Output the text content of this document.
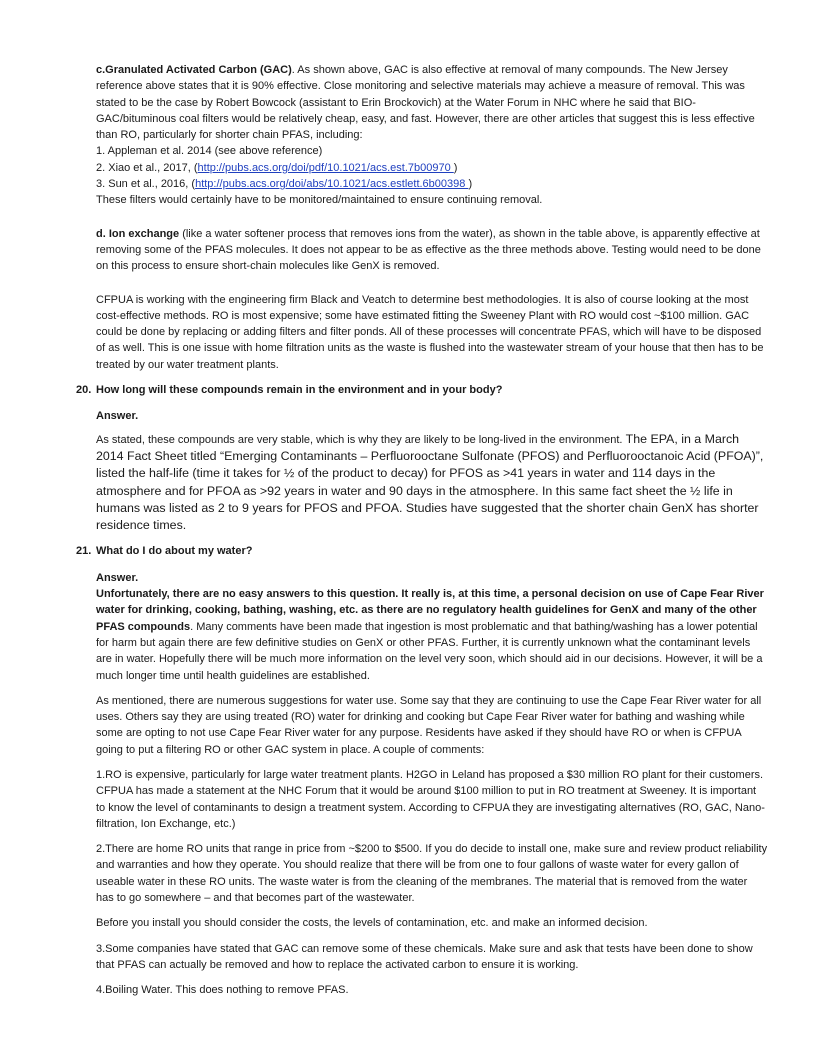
c.Granulated Activated Carbon (GAC). As shown above, GAC is also effective at removal of many compounds. The New Jersey reference above states that it is 90% effective. Close monitoring and selective materials may achieve a measure of removal. This was stated to be the case by Robert Bowcock (assistant to Erin Brockovich) at the Water Forum in NHC where he said that BIO-GAC/bituminous coal filters would be relatively cheap, easy, and fast. However, there are other articles that suggest this is less effective than RO, particularly for shorter chain PFAS, including:

1. Appleman et al. 2014 (see above reference)

2. Xiao et al., 2017, (http://pubs.acs.org/doi/pdf/10.1021/acs.est.7b00970 )

3. Sun et al., 2016, (http://pubs.acs.org/doi/abs/10.1021/acs.estlett.6b00398 )

These filters would certainly have to be monitored/maintained to ensure continuing removal.

d. Ion exchange (like a water softener process that removes ions from the water), as shown in the table above, is apparently effective at removing some of the PFAS molecules. It does not appear to be as effective as the three methods above. Testing would need to be done on this process to ensure short-chain molecules like GenX is removed.

CFPUA is working with the engineering firm Black and Veatch to determine best methodologies. It is also of course looking at the most cost-effective methods. RO is most expensive; some have estimated fitting the Sweeney Plant with RO would cost ~$100 million. GAC could be done by replacing or adding filters and filter ponds. All of these processes will concentrate PFAS, which will have to be disposed of as well. This is one issue with home filtration units as the waste is flushed into the wastewater stream of your house that then has to be treated by our water treatment plants.

20. How long will these compounds remain in the environment and in your body?

Answer.

As stated, these compounds are very stable, which is why they are likely to be long-lived in the environment. The EPA, in a March 2014 Fact Sheet titled “Emerging Contaminants – Perfluorooctane Sulfonate (PFOS) and Perfluorooctanoic Acid (PFOA)”, listed the half-life (time it takes for ½ of the product to decay) for PFOS as >41 years in water and 114 days in the atmosphere and for PFOA as >92 years in water and 90 days in the atmosphere. In this same fact sheet the ½ life in humans was listed as 2 to 9 years for PFOS and PFOA. Studies have suggested that the shorter chain GenX has shorter residence times.

21. What do I do about my water?

Answer.

Unfortunately, there are no easy answers to this question. It really is, at this time, a personal decision on use of Cape Fear River water for drinking, cooking, bathing, washing, etc. as there are no regulatory health guidelines for GenX and many of the other PFAS compounds. Many comments have been made that ingestion is most problematic and that bathing/washing has a lower potential for harm but again there are few definitive studies on GenX or other PFAS. Further, it is currently unknown what the contaminant levels are in water. Hopefully there will be much more information on the level very soon, which should aid in our decisions. However, it will be a much longer time until health guidelines are established.

As mentioned, there are numerous suggestions for water use. Some say that they are continuing to use the Cape Fear River water for all uses. Others say they are using treated (RO) water for drinking and cooking but Cape Fear River water for bathing and washing while some are opting to not use Cape Fear River water for any purpose. Residents have asked if they should have RO or when is CFPUA going to put a filtering RO or other GAC system in place. A couple of comments:

1.RO is expensive, particularly for large water treatment plants. H2GO in Leland has proposed a $30 million RO plant for their customers. CFPUA has made a statement at the NHC Forum that it would be around $100 million to put in RO treatment at Sweeney. It is important to know the level of contaminants to design a treatment system. According to CFPUA they are investigating alternatives (RO, GAC, Nano-filtration, Ion Exchange, etc.)

2.There are home RO units that range in price from ~$200 to $500. If you do decide to install one, make sure and review product reliability and warranties and how they operate. You should realize that there will be from one to four gallons of waste water for every gallon of useable water in these RO units. The waste water is from the cleaning of the membranes. The material that is removed from the water has to go somewhere – and that becomes part of the wastewater.

Before you install you should consider the costs, the levels of contamination, etc. and make an informed decision.

3.Some companies have stated that GAC can remove some of these chemicals. Make sure and ask that tests have been done to show that PFAS can actually be removed and how to replace the activated carbon to ensure it is working.

4.Boiling Water. This does nothing to remove PFAS.
